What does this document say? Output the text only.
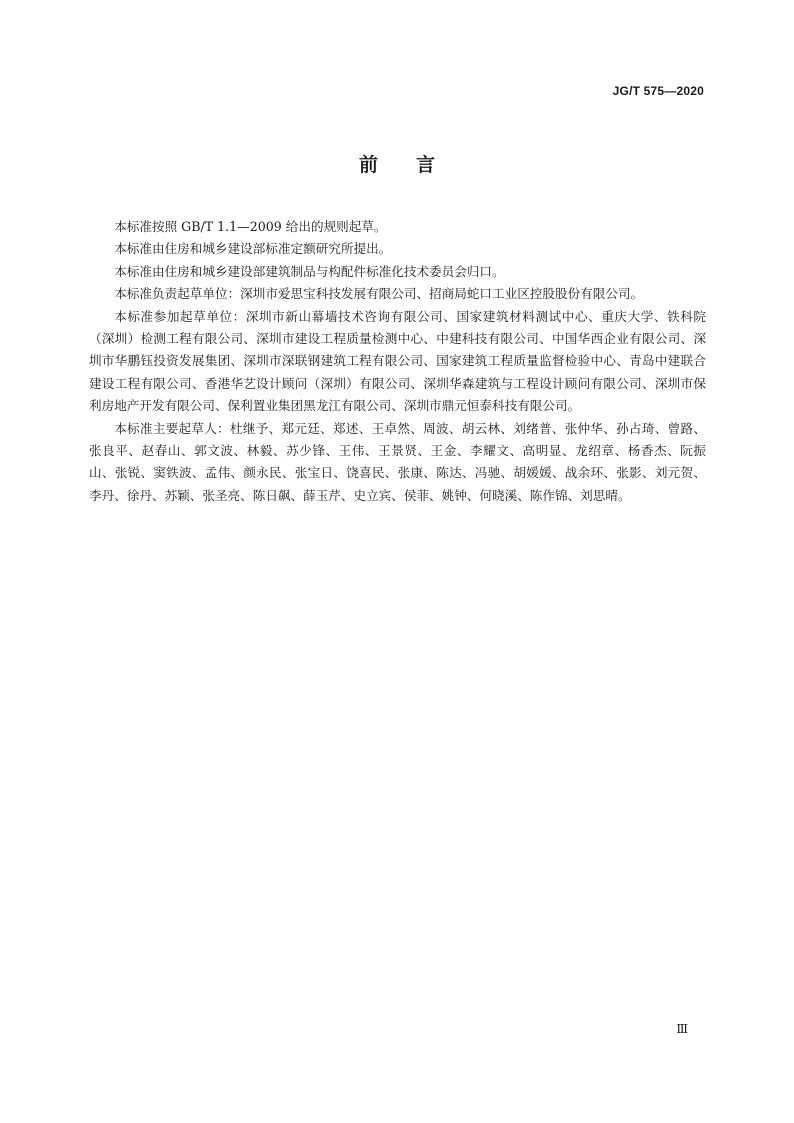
JG/T 575—2020
前言

本标准按照 GB/T 1.1—2009 给出的规则起草。

本标准由住房和城乡建设部标准定额研究所提出。

本标准由住房和城乡建设部建筑制品与构配件标准化技术委员会归口。

本标准负责起草单位：深圳市爱思宝科技发展有限公司、招商局蛇口工业区控股股份有限公司。

本标准参加起草单位：深圳市新山幕墙技术咨询有限公司、国家建筑材料测试中心、重庆大学、铁科院（深圳）检测工程有限公司、深圳市建设工程质量检测中心、中建科技有限公司、中国华西企业有限公司、深圳市华鹏钰投资发展集团、深圳市深联钢建筑工程有限公司、国家建筑工程质量监督检验中心、青岛中建联合建设工程有限公司、香港华艺设计顾问（深圳）有限公司、深圳华森建筑与工程设计顾问有限公司、深圳市保利房地产开发有限公司、保利置业集团黑龙江有限公司、深圳市鼎元恒泰科技有限公司。

本标准主要起草人：杜继予、郑元廷、郑述、王卓然、周波、胡云林、刘绪普、张仲华、孙占琦、曾路、张良平、赵春山、郭文波、林毅、苏少锋、王伟、王景贤、王金、李耀文、高明显、龙绍章、杨香杰、阮振山、张锐、窦铁波、孟伟、颜永民、张宝日、饶喜民、张康、陈达、冯驰、胡媛媛、战余环、张影、刘元贺、李丹、徐丹、苏颖、张圣亮、陈日飙、薛玉芹、史立宾、侯菲、姚钟、何晓溪、陈作锦、刘思晴。

Ⅲ
